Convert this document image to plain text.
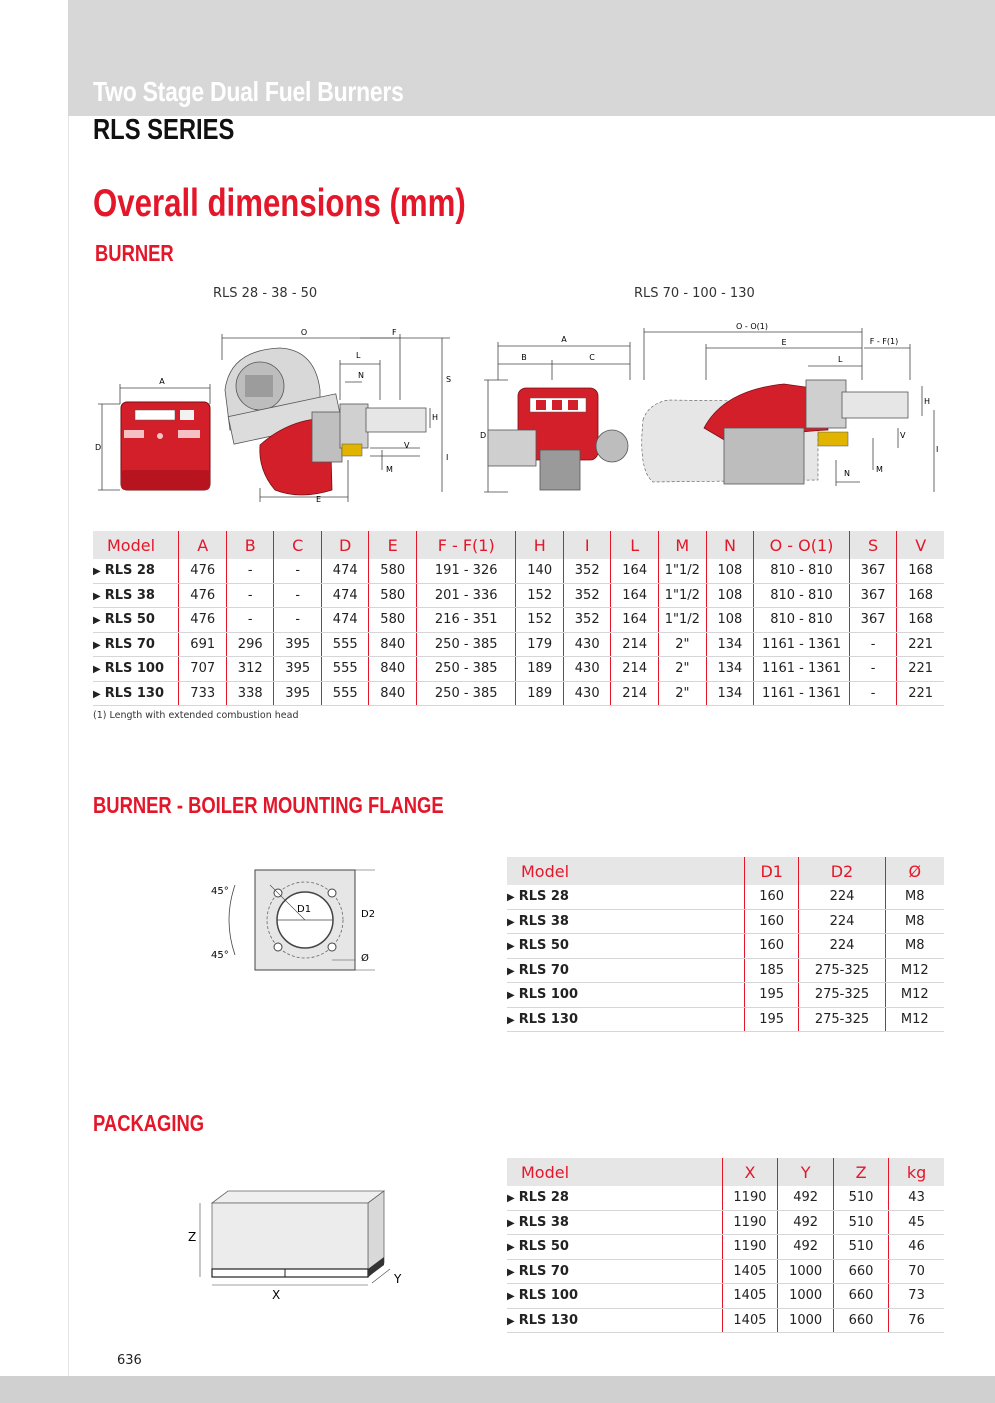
Two Stage Dual Fuel Burners
RLS SERIES
Overall dimensions (mm)
BURNER
RLS 28 - 38 - 50	RLS 70 - 100 - 130
A
D
O	F
L
N	S
H
V
I
M
E
A
B	C
D
O - O(1)
E	F - F(1)
L
H
V
I
N	M
Model	A	B	C	D	E	F - F(1)	H	I	L	M	N	O - O(1)	S	V
▶ RLS 28	476	-	-	474	580	191 - 326	140	352	164	1"1/2	108	810 - 810	367	168
▶ RLS 38	476	-	-	474	580	201 - 336	152	352	164	1"1/2	108	810 - 810	367	168
▶ RLS 50	476	-	-	474	580	216 - 351	152	352	164	1"1/2	108	810 - 810	367	168
▶ RLS 70	691	296	395	555	840	250 - 385	179	430	214	2"	134	1161 - 1361	-	221
▶ RLS 100	707	312	395	555	840	250 - 385	189	430	214	2"	134	1161 - 1361	-	221
▶ RLS 130	733	338	395	555	840	250 - 385	189	430	214	2"	134	1161 - 1361	-	221
(1) Length with extended combustion head
BURNER - BOILER MOUNTING FLANGE
45°
45°
D1	D2
Ø
Model	D1	D2	Ø
▶ RLS 28	160	224	M8
▶ RLS 38	160	224	M8
▶ RLS 50	160	224	M8
▶ RLS 70	185	275-325	M12
▶ RLS 100	195	275-325	M12
▶ RLS 130	195	275-325	M12
PACKAGING
Z
X
Y
Model	X	Y	Z	kg
▶ RLS 28	1190	492	510	43
▶ RLS 38	1190	492	510	45
▶ RLS 50	1190	492	510	46
▶ RLS 70	1405	1000	660	70
▶ RLS 100	1405	1000	660	73
▶ RLS 130	1405	1000	660	76
636
